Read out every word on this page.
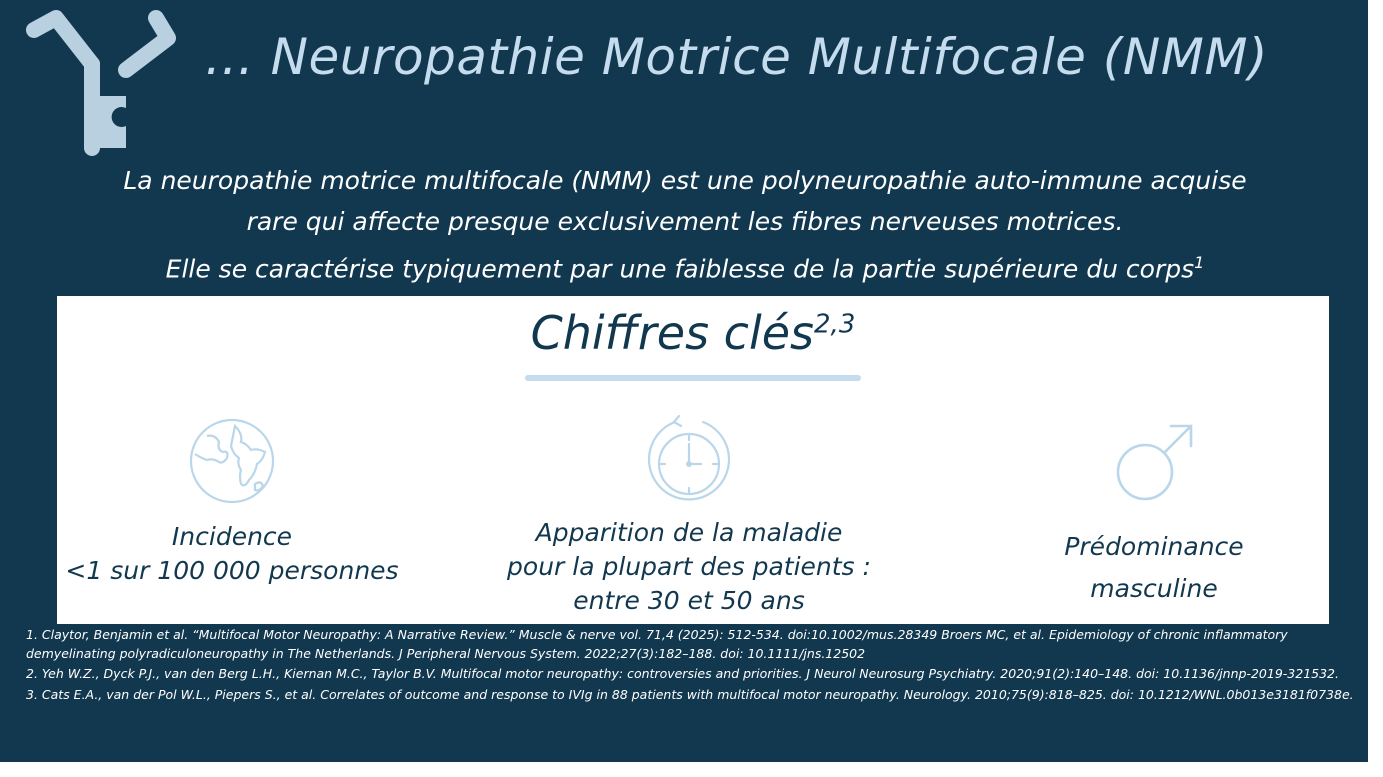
... Neuropathie Motrice Multifocale (NMM)

La neuropathie motrice multifocale (NMM) est une polyneuropathie auto-immune acquise

rare qui affecte presque exclusivement les fibres nerveuses motrices.

Elle se caractérise typiquement par une faiblesse de la partie supérieure du corps$^1$

Chiffres clés$^{2,3}$
Incidence
<1 sur 100 000 personnes
Apparition de la maladie
pour la plupart des patients :
entre 30 et 50 ans
Prédominance
masculine

1. Claytor, Benjamin et al. “Multifocal Motor Neuropathy: A Narrative Review.” Muscle & nerve vol. 71,4 (2025): 512-534. doi:10.1002/mus.28349 Broers MC, et al. Epidemiology of chronic inflammatory demyelinating polyradiculoneuropathy in The Netherlands. J Peripheral Nervous System. 2022;27(3):182–188. doi: 10.1111/jns.12502

2. Yeh W.Z., Dyck P.J., van den Berg L.H., Kiernan M.C., Taylor B.V. Multifocal motor neuropathy: controversies and priorities. J Neurol Neurosurg Psychiatry. 2020;91(2):140–148. doi: 10.1136/jnnp-2019-321532.

3. Cats E.A., van der Pol W.L., Piepers S., et al. Correlates of outcome and response to IVIg in 88 patients with multifocal motor neuropathy. Neurology. 2010;75(9):818–825. doi: 10.1212/WNL.0b013e3181f0738e.
